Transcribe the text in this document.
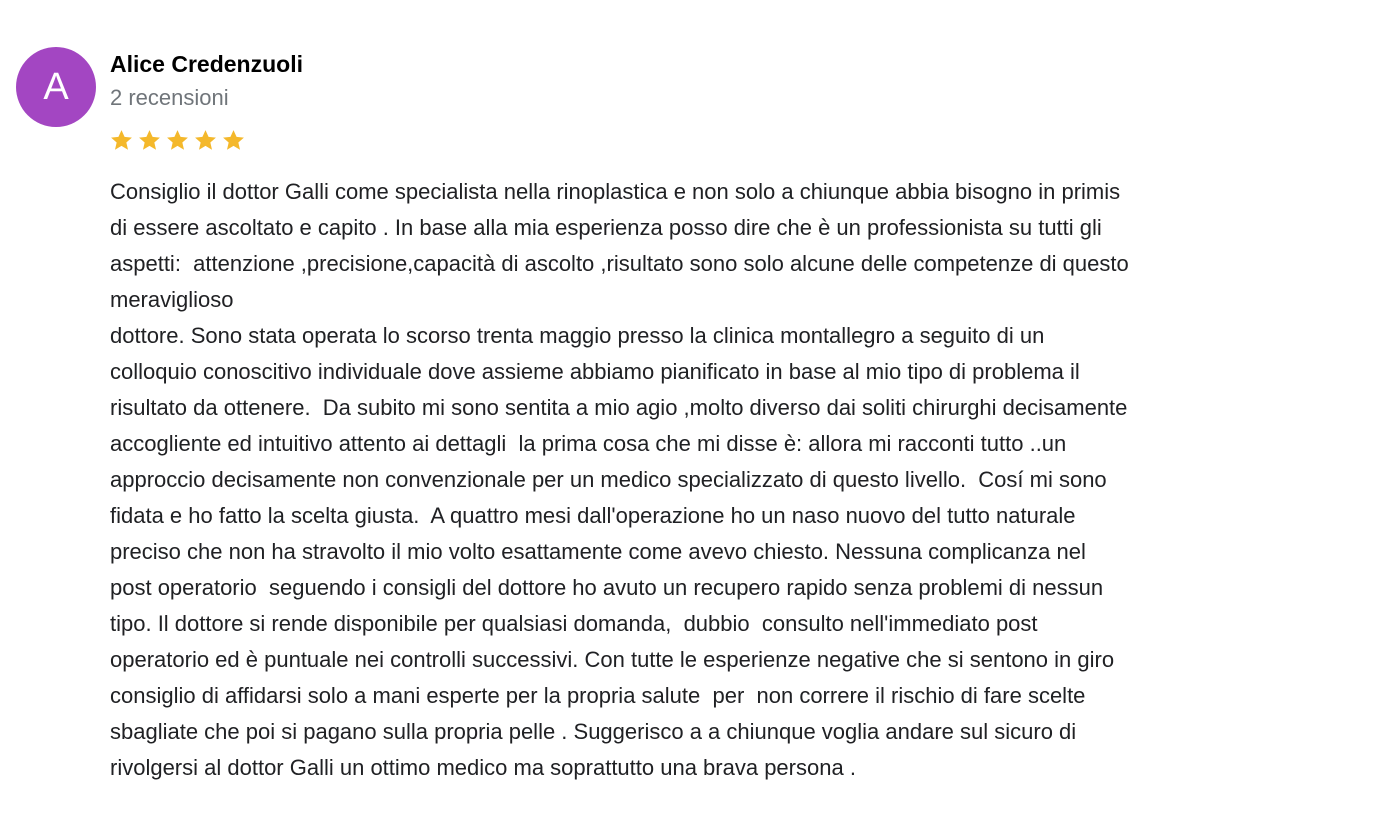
A
Alice Credenzuoli
2 recensioni
Consiglio il dottor Galli come specialista nella rinoplastica e non solo a chiunque abbia bisogno in primis
di essere ascoltato e capito . In base alla mia esperienza posso dire che è un professionista su tutti gli
aspetti:  attenzione ,precisione,capacità di ascolto ,risultato sono solo alcune delle competenze di questo
meraviglioso
dottore. Sono stata operata lo scorso trenta maggio presso la clinica montallegro a seguito di un
colloquio conoscitivo individuale dove assieme abbiamo pianificato in base al mio tipo di problema il
risultato da ottenere.  Da subito mi sono sentita a mio agio ,molto diverso dai soliti chirurghi decisamente
accogliente ed intuitivo attento ai dettagli  la prima cosa che mi disse è: allora mi racconti tutto ..un
approccio decisamente non convenzionale per un medico specializzato di questo livello.  Cosí mi sono
fidata e ho fatto la scelta giusta.  A quattro mesi dall'operazione ho un naso nuovo del tutto naturale
preciso che non ha stravolto il mio volto esattamente come avevo chiesto. Nessuna complicanza nel
post operatorio  seguendo i consigli del dottore ho avuto un recupero rapido senza problemi di nessun
tipo. Il dottore si rende disponibile per qualsiasi domanda,  dubbio  consulto nell'immediato post
operatorio ed è puntuale nei controlli successivi. Con tutte le esperienze negative che si sentono in giro
consiglio di affidarsi solo a mani esperte per la propria salute  per  non correre il rischio di fare scelte
sbagliate che poi si pagano sulla propria pelle . Suggerisco a a chiunque voglia andare sul sicuro di
rivolgersi al dottor Galli un ottimo medico ma soprattutto una brava persona .
